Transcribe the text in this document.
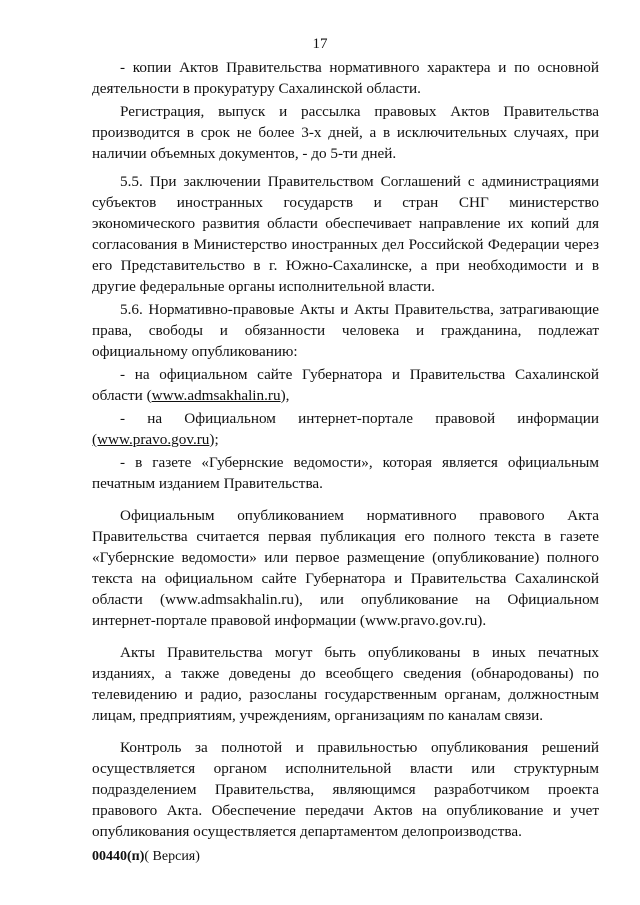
17

- копии Актов Правительства нормативного характера и по основной деятельности в прокуратуру Сахалинской области.

Регистрация, выпуск и рассылка правовых Актов Правительства производится в срок не более 3-х дней, а в исключительных случаях, при наличии объемных документов, - до 5-ти дней.

5.5. При заключении Правительством Соглашений с администрациями субъектов иностранных государств и стран СНГ министерство экономического развития области обеспечивает направление их копий для согласования в Министерство иностранных дел Российской Федерации через его Представительство в г. Южно-Сахалинске, а при необходимости и в другие федеральные органы исполнительной власти.

5.6. Нормативно-правовые Акты и Акты Правительства, затрагивающие права, свободы и обязанности человека и гражданина, подлежат официальному опубликованию:

- на официальном сайте Губернатора и Правительства Сахалинской области (www.admsakhalin.ru),

- на Официальном интернет-портале правовой информации

(www.pravo.gov.ru);

- в газете «Губернские ведомости», которая является официальным печатным изданием Правительства.

Официальным опубликованием нормативного правового Акта Правительства считается первая публикация его полного текста в газете «Губернские ведомости» или первое размещение (опубликование) полного текста на официальном сайте Губернатора и Правительства Сахалинской области (www.admsakhalin.ru), или опубликование на Официальном интернет-портале правовой информации (www.pravo.gov.ru).

Акты Правительства могут быть опубликованы в иных печатных изданиях, а также доведены до всеобщего сведения (обнародованы) по телевидению и радио, разосланы государственным органам, должностным лицам, предприятиям, учреждениям, организациям по каналам связи.

Контроль за полнотой и правильностью опубликования решений осуществляется органом исполнительной власти или структурным подразделением Правительства, являющимся разработчиком проекта правового Акта. Обеспечение передачи Актов на опубликование и учет опубликования осуществляется департаментом делопроизводства.

00440(п)( Версия)
